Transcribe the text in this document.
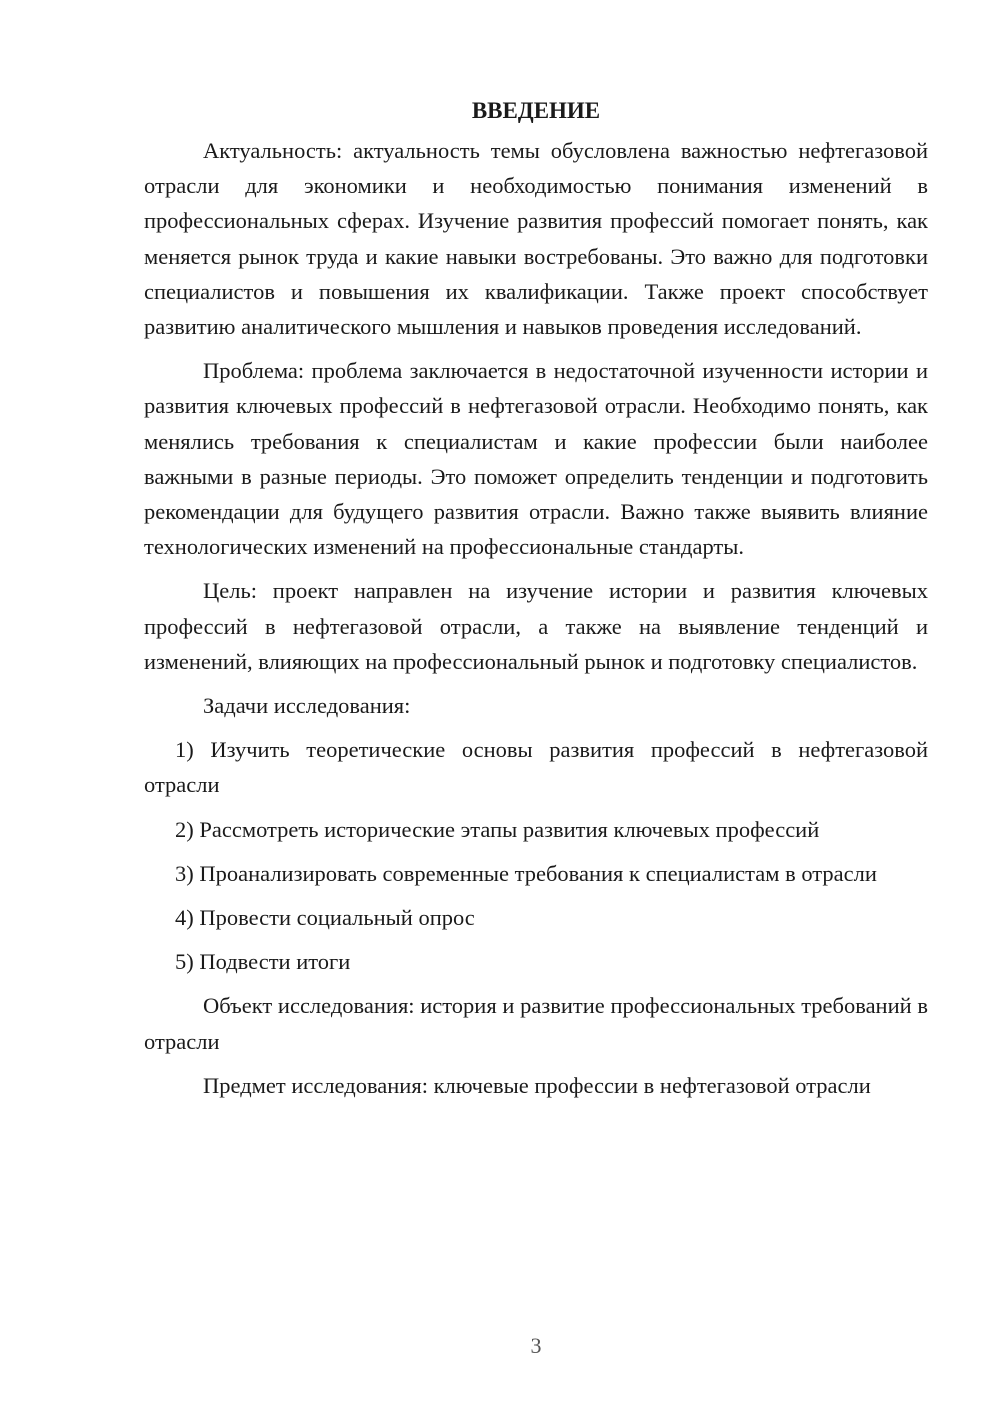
ВВЕДЕНИЕ

Актуальность: актуальность темы обусловлена важностью нефтегазовой отрасли для экономики и необходимостью понимания изменений в профессиональных сферах. Изучение развития профессий помогает понять, как меняется рынок труда и какие навыки востребованы. Это важно для подготовки специалистов и повышения их квалификации. Также проект способствует развитию аналитического мышления и навыков проведения исследований.

Проблема: проблема заключается в недостаточной изученности истории и развития ключевых профессий в нефтегазовой отрасли. Необходимо понять, как менялись требования к специалистам и какие профессии были наиболее важными в разные периоды. Это поможет определить тенденции и подготовить рекомендации для будущего развития отрасли. Важно также выявить влияние технологических изменений на профессиональные стандарты.

Цель: проект направлен на изучение истории и развития ключевых профессий в нефтегазовой отрасли, а также на выявление тенденций и изменений, влияющих на профессиональный рынок и подготовку специалистов.

Задачи исследования:

1) Изучить теоретические основы развития профессий в нефтегазовой отрасли

2) Рассмотреть исторические этапы развития ключевых профессий

3) Проанализировать современные требования к специалистам в отрасли

4) Провести социальный опрос

5) Подвести итоги

Объект исследования: история и развитие профессиональных требований в отрасли

Предмет исследования: ключевые профессии в нефтегазовой отрасли

3
